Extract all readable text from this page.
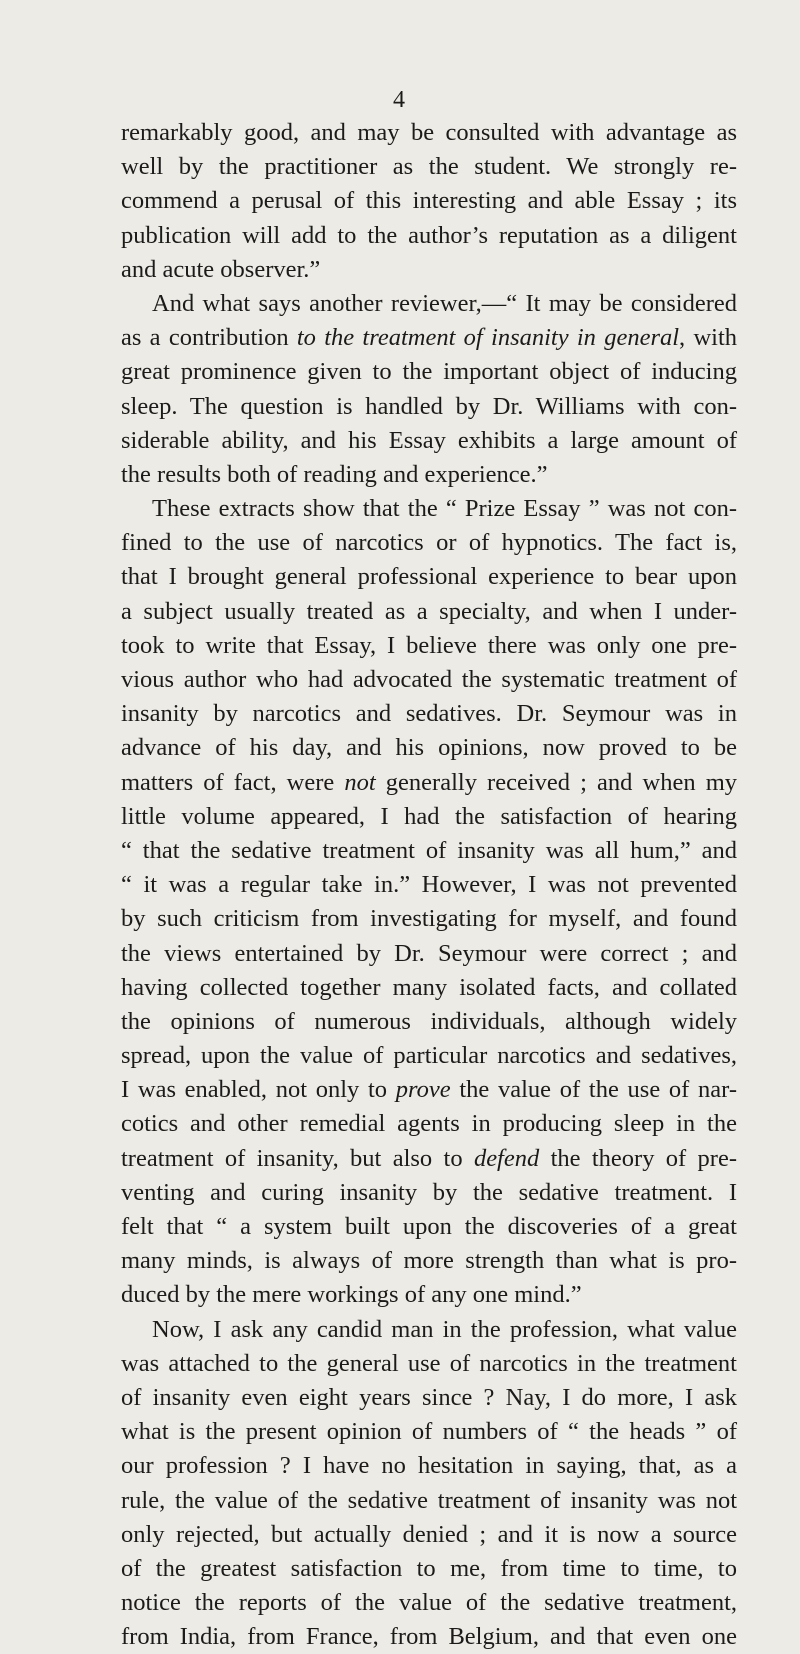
4
remarkably good, and may be consulted with advantage as
well by the practitioner as the student. We strongly re-
commend a perusal of this interesting and able Essay ; its
publication will add to the author’s reputation as a diligent
and acute observer.”
And what says another reviewer,—“ It may be considered
as a contribution to the treatment of insanity in general, with
great prominence given to the important object of inducing
sleep. The question is handled by Dr. Williams with con-
siderable ability, and his Essay exhibits a large amount of
the results both of reading and experience.”
These extracts show that the “ Prize Essay ” was not con-
fined to the use of narcotics or of hypnotics. The fact is,
that I brought general professional experience to bear upon
a subject usually treated as a specialty, and when I under-
took to write that Essay, I believe there was only one pre-
vious author who had advocated the systematic treatment of
insanity by narcotics and sedatives. Dr. Seymour was in
advance of his day, and his opinions, now proved to be
matters of fact, were not generally received ; and when my
little volume appeared, I had the satisfaction of hearing
“ that the sedative treatment of insanity was all hum,” and
“ it was a regular take in.” However, I was not prevented
by such criticism from investigating for myself, and found
the views entertained by Dr. Seymour were correct ; and
having collected together many isolated facts, and collated
the opinions of numerous individuals, although widely
spread, upon the value of particular narcotics and sedatives,
I was enabled, not only to prove the value of the use of nar-
cotics and other remedial agents in producing sleep in the
treatment of insanity, but also to defend the theory of pre-
venting and curing insanity by the sedative treatment. I
felt that “ a system built upon the discoveries of a great
many minds, is always of more strength than what is pro-
duced by the mere workings of any one mind.”
Now, I ask any candid man in the profession, what value
was attached to the general use of narcotics in the treatment
of insanity even eight years since ? Nay, I do more, I ask
what is the present opinion of numbers of “ the heads ” of
our profession ? I have no hesitation in saying, that, as a
rule, the value of the sedative treatment of insanity was not
only rejected, but actually denied ; and it is now a source
of the greatest satisfaction to me, from time to time, to
notice the reports of the value of the sedative treatment,
from India, from France, from Belgium, and that even one
